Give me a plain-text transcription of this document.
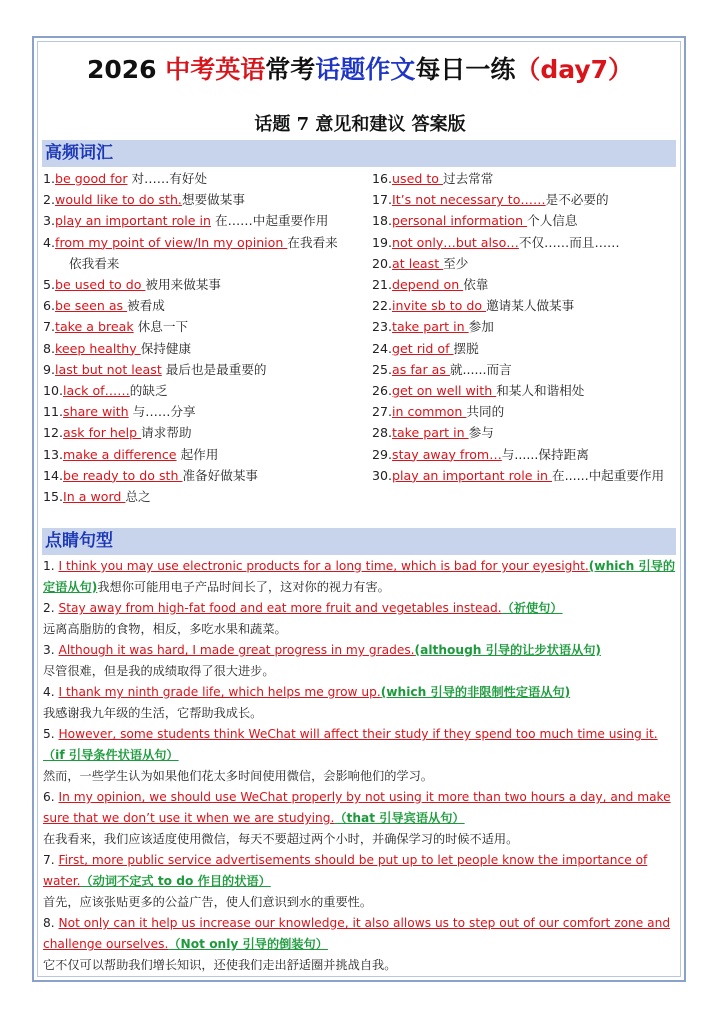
2026 中考英语常考话题作文每日一练（day7）
话题 7 意见和建议 答案版
高频词汇
1.be good for 对……有好处
2.would like to do sth.想要做某事
3.play an important role in 在……中起重要作用
4.from my point of view/In my opinion 在我看来
依我看来
5.be used to do 被用来做某事
6.be seen as 被看成
7.take a break 休息一下
8.keep healthy 保持健康
9.last but not least 最后也是最重要的
10.lack of……的缺乏
11.share with 与……分享
12.ask for help 请求帮助
13.make a difference 起作用
14.be ready to do sth 准备好做某事
15.In a word 总之
16.used to 过去常常
17.It’s not necessary to……是不必要的
18.personal information 个人信息
19.not only…but also…不仅……而且……
20.at least 至少
21.depend on 依靠
22.invite sb to do 邀请某人做某事
23.take part in 参加
24.get rid of 摆脱
25.as far as 就......而言
26.get on well with 和某人和谐相处
27.in common 共同的
28.take part in 参与
29.stay away from…与......保持距离
30.play an important role in 在......中起重要作用
点睛句型
1. I think you may use electronic products for a long time, which is bad for your eyesight.(which 引导的定语从句)我想你可能用电子产品时间长了，这对你的视力有害。
2. Stay away from high-fat food and eat more fruit and vegetables instead.（祈使句）
远离高脂肪的食物，相反，多吃水果和蔬菜。
3. Although it was hard, I made great progress in my grades.(although 引导的让步状语从句)
尽管很难，但是我的成绩取得了很大进步。
4. I thank my ninth grade life, which helps me grow up.(which 引导的非限制性定语从句)
我感谢我九年级的生活，它帮助我成长。
5. However, some students think WeChat will affect their study if they spend too much time using it.（if 引导条件状语从句）
然而，一些学生认为如果他们花太多时间使用微信，会影响他们的学习。
6. In my opinion, we should use WeChat properly by not using it more than two hours a day, and make sure that we don’t use it when we are studying.（that 引导宾语从句）
在我看来，我们应该适度使用微信，每天不要超过两个小时，并确保学习的时候不适用。
7. First, more public service advertisements should be put up to let people know the importance of water.（动词不定式 to do 作目的状语）
首先，应该张贴更多的公益广告，使人们意识到水的重要性。
8. Not only can it help us increase our knowledge, it also allows us to step out of our comfort zone and challenge ourselves.（Not only 引导的倒装句）
它不仅可以帮助我们增长知识，还使我们走出舒适圈并挑战自我。
